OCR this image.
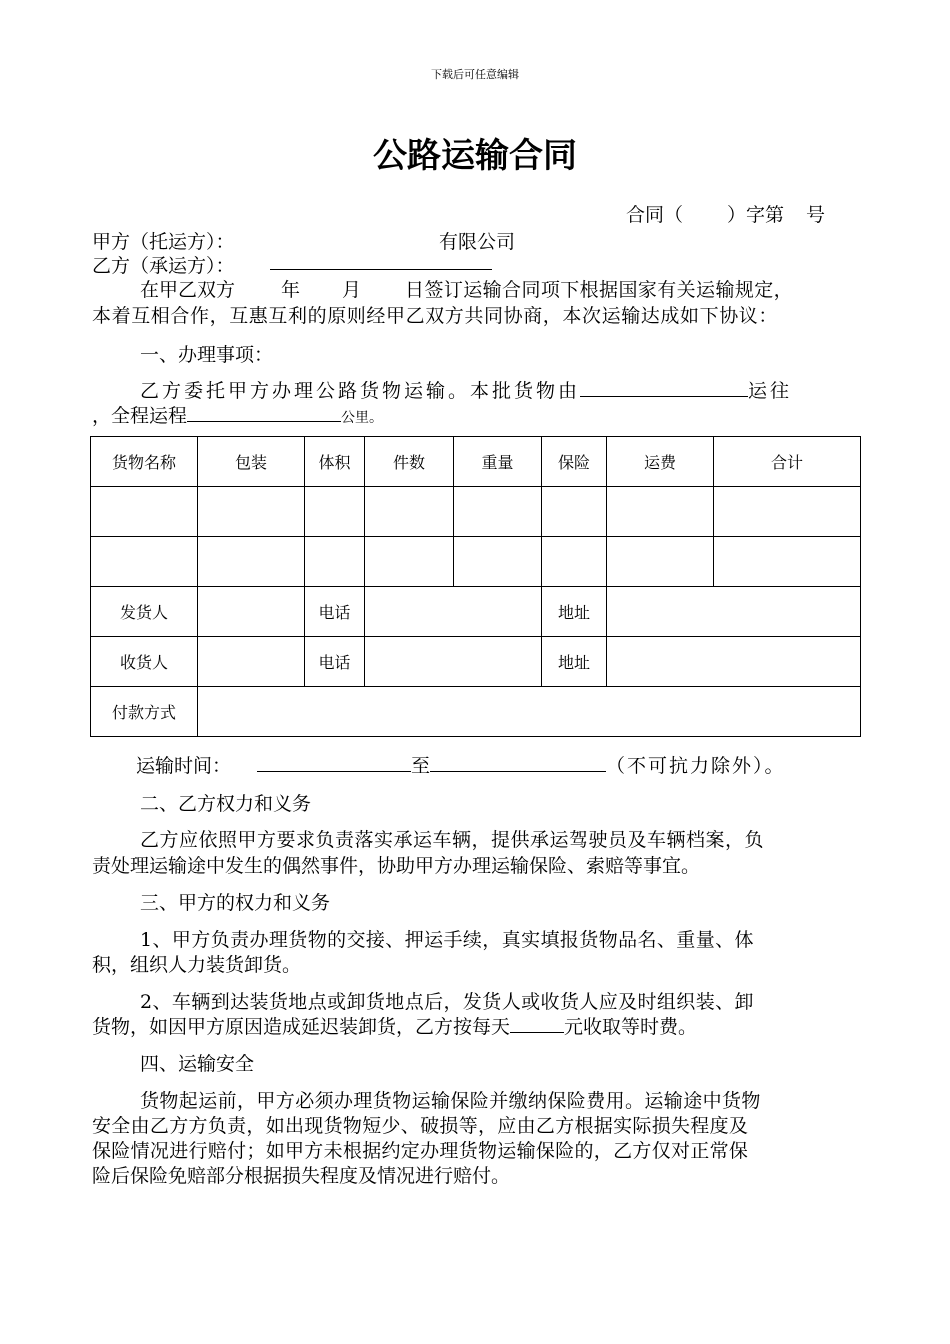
下载后可任意编辑
公路运输合同
合同（ ）字第 号
甲方（托运方）：	有限公司
乙方（承运方）：
在甲乙双方 年 月 日签订运输合同项下根据国家有关运输规定，
本着互相合作，互惠互利的原则经甲乙双方共同协商，本次运输达成如下协议：
一、办理事项：
乙方委托甲方办理公路货物运输。本批货物由	运往
，全程运程	公里。
货物名称	包装	体积	件数	重量	保险	运费	合计

发货人		电话			地址		
收货人		电话			地址		
付款方式							
运输时间：	至	（不可抗力除外）。
二、乙方权力和义务
乙方应依照甲方要求负责落实承运车辆，提供承运驾驶员及车辆档案，负
责处理运输途中发生的偶然事件，协助甲方办理运输保险、索赔等事宜。
三、甲方的权力和义务
1、甲方负责办理货物的交接、押运手续，真实填报货物品名、重量、体
积，组织人力装货卸货。
2、车辆到达装货地点或卸货地点后，发货人或收货人应及时组织装、卸
货物，如因甲方原因造成延迟装卸货，乙方按每天	元收取等时费。
四、运输安全
货物起运前，甲方必须办理货物运输保险并缴纳保险费用。运输途中货物
安全由乙方方负责，如出现货物短少、破损等，应由乙方根据实际损失程度及
保险情况进行赔付；如甲方未根据约定办理货物运输保险的，乙方仅对正常保
险后保险免赔部分根据损失程度及情况进行赔付。
